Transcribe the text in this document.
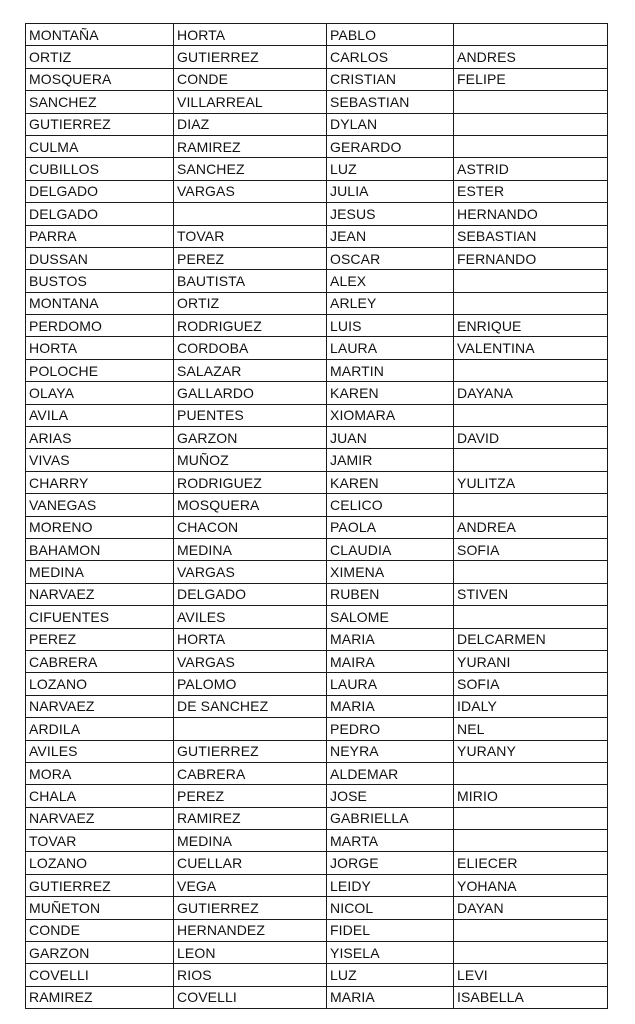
MONTAÑA	HORTA	PABLO	
ORTIZ	GUTIERREZ	CARLOS	ANDRES
MOSQUERA	CONDE	CRISTIAN	FELIPE
SANCHEZ	VILLARREAL	SEBASTIAN	
GUTIERREZ	DIAZ	DYLAN	
CULMA	RAMIREZ	GERARDO	
CUBILLOS	SANCHEZ	LUZ	ASTRID
DELGADO	VARGAS	JULIA	ESTER
DELGADO		JESUS	HERNANDO
PARRA	TOVAR	JEAN	SEBASTIAN
DUSSAN	PEREZ	OSCAR	FERNANDO
BUSTOS	BAUTISTA	ALEX	
MONTANA	ORTIZ	ARLEY	
PERDOMO	RODRIGUEZ	LUIS	ENRIQUE
HORTA	CORDOBA	LAURA	VALENTINA
POLOCHE	SALAZAR	MARTIN	
OLAYA	GALLARDO	KAREN	DAYANA
AVILA	PUENTES	XIOMARA	
ARIAS	GARZON	JUAN	DAVID
VIVAS	MUÑOZ	JAMIR	
CHARRY	RODRIGUEZ	KAREN	YULITZA
VANEGAS	MOSQUERA	CELICO	
MORENO	CHACON	PAOLA	ANDREA
BAHAMON	MEDINA	CLAUDIA	SOFIA
MEDINA	VARGAS	XIMENA	
NARVAEZ	DELGADO	RUBEN	STIVEN
CIFUENTES	AVILES	SALOME	
PEREZ	HORTA	MARIA	DELCARMEN
CABRERA	VARGAS	MAIRA	YURANI
LOZANO	PALOMO	LAURA	SOFIA
NARVAEZ	DE SANCHEZ	MARIA	IDALY
ARDILA		PEDRO	NEL
AVILES	GUTIERREZ	NEYRA	YURANY
MORA	CABRERA	ALDEMAR	
CHALA	PEREZ	JOSE	MIRIO
NARVAEZ	RAMIREZ	GABRIELLA	
TOVAR	MEDINA	MARTA	
LOZANO	CUELLAR	JORGE	ELIECER
GUTIERREZ	VEGA	LEIDY	YOHANA
MUÑETON	GUTIERREZ	NICOL	DAYAN
CONDE	HERNANDEZ	FIDEL	
GARZON	LEON	YISELA	
COVELLI	RIOS	LUZ	LEVI
RAMIREZ	COVELLI	MARIA	ISABELLA
